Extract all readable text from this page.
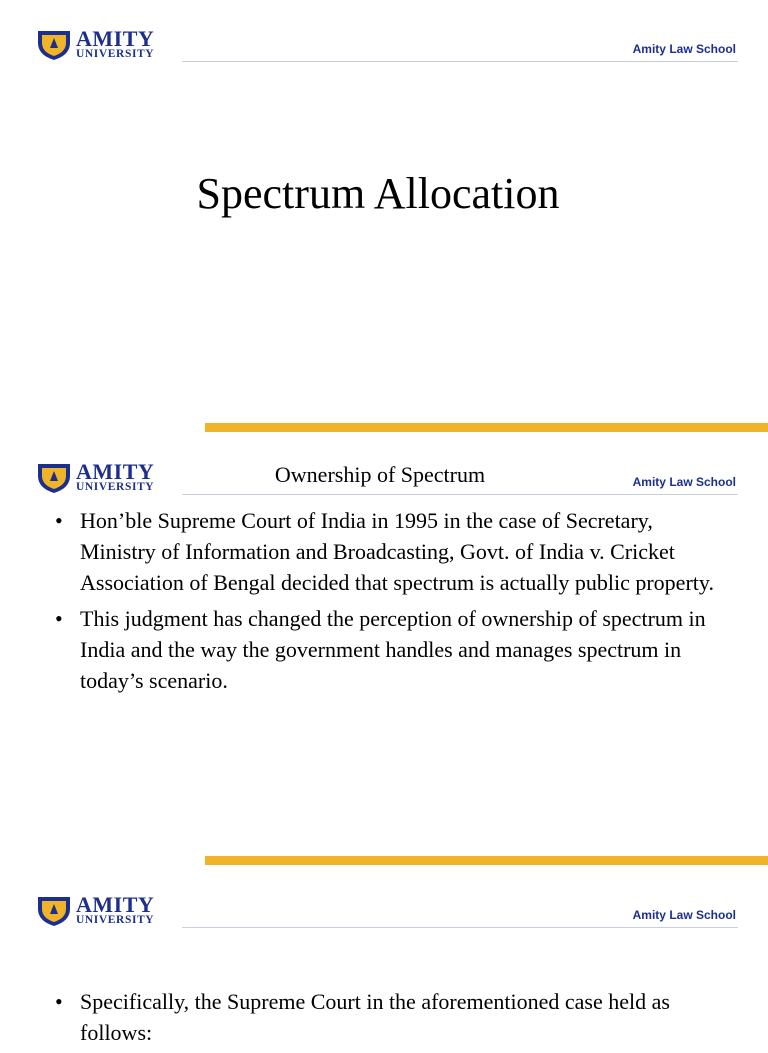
AMITY
UNIVERSITY	Amity Law School
Spectrum Allocation
AMITY
UNIVERSITY	Ownership of Spectrum	Amity Law School
• Hon’ble Supreme Court of India in 1995 in the case of Secretary, Ministry of Information and Broadcasting, Govt. of India v. Cricket Association of Bengal decided that spectrum is actually public property.
• This judgment has changed the perception of ownership of spectrum in India and the way the government handles and manages spectrum in today’s scenario.
AMITY
UNIVERSITY	Amity Law School
• Specifically, the Supreme Court in the aforementioned case held as follows:
